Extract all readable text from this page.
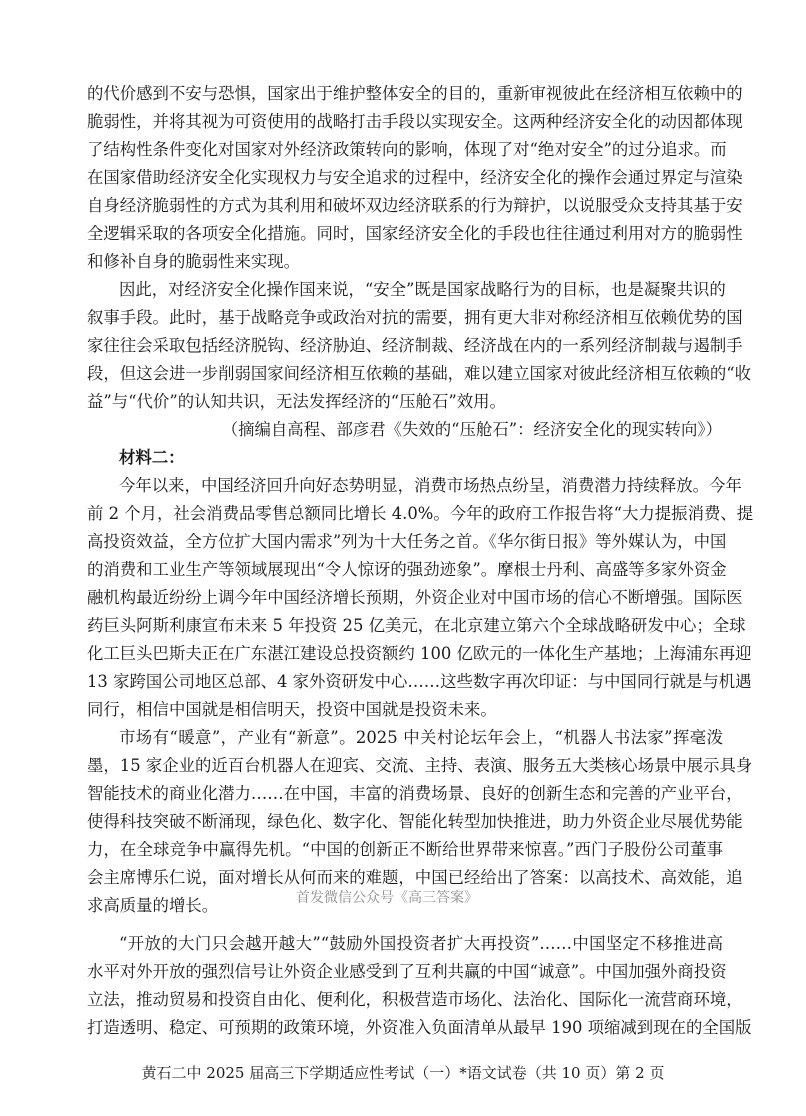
的代价感到不安与恐惧，国家出于维护整体安全的目的，重新审视彼此在经济相互依赖中的
脆弱性，并将其视为可资使用的战略打击手段以实现安全。这两种经济安全化的动因都体现
了结构性条件变化对国家对外经济政策转向的影响，体现了对“绝对安全”的过分追求。而
在国家借助经济安全化实现权力与安全追求的过程中，经济安全化的操作会通过界定与渲染
自身经济脆弱性的方式为其利用和破坏双边经济联系的行为辩护，以说服受众支持其基于安
全逻辑采取的各项安全化措施。同时，国家经济安全化的手段也往往通过利用对方的脆弱性
和修补自身的脆弱性来实现。
因此，对经济安全化操作国来说，“安全”既是国家战略行为的目标，也是凝聚共识的
叙事手段。此时，基于战略竞争或政治对抗的需要，拥有更大非对称经济相互依赖优势的国
家往往会采取包括经济脱钩、经济胁迫、经济制裁、经济战在内的一系列经济制裁与遏制手
段，但这会进一步削弱国家间经济相互依赖的基础，难以建立国家对彼此经济相互依赖的“收
益”与“代价”的认知共识，无法发挥经济的“压舱石”效用。
（摘编自高程、部彦君《失效的“压舱石”：经济安全化的现实转向》）
材料二：
今年以来，中国经济回升向好态势明显，消费市场热点纷呈，消费潜力持续释放。今年
前 2 个月，社会消费品零售总额同比增长 4.0%。今年的政府工作报告将“大力提振消费、提
高投资效益，全方位扩大国内需求”列为十大任务之首。《华尔街日报》等外媒认为，中国
的消费和工业生产等领域展现出“令人惊讶的强劲迹象”。摩根士丹利、高盛等多家外资金
融机构最近纷纷上调今年中国经济增长预期，外资企业对中国市场的信心不断增强。国际医
药巨头阿斯利康宣布未来 5 年投资 25 亿美元，在北京建立第六个全球战略研发中心；全球
化工巨头巴斯夫正在广东湛江建设总投资额约 100 亿欧元的一体化生产基地；上海浦东再迎
13 家跨国公司地区总部、4 家外资研发中心……这些数字再次印证：与中国同行就是与机遇
同行，相信中国就是相信明天，投资中国就是投资未来。
市场有“暖意”，产业有“新意”。2025 中关村论坛年会上，“机器人书法家”挥毫泼
墨，15 家企业的近百台机器人在迎宾、交流、主持、表演、服务五大类核心场景中展示具身
智能技术的商业化潜力……在中国，丰富的消费场景、良好的创新生态和完善的产业平台，
使得科技突破不断涌现，绿色化、数字化、智能化转型加快推进，助力外资企业尽展优势能
力，在全球竞争中赢得先机。“中国的创新正不断给世界带来惊喜。”西门子股份公司董事
会主席博乐仁说，面对增长从何而来的难题，中国已经给出了答案：以高技术、高效能，追
求高质量的增长。	首发微信公众号《高三答案》
“开放的大门只会越开越大”“鼓励外国投资者扩大再投资”……中国坚定不移推进高
水平对外开放的强烈信号让外资企业感受到了互利共赢的中国“诚意”。中国加强外商投资
立法，推动贸易和投资自由化、便利化，积极营造市场化、法治化、国际化一流营商环境，
打造透明、稳定、可预期的政策环境，外资准入负面清单从最早 190 项缩减到现在的全国版
黄石二中 2025 届高三下学期适应性考试（一）*语文试卷（共 10 页）第 2 页
